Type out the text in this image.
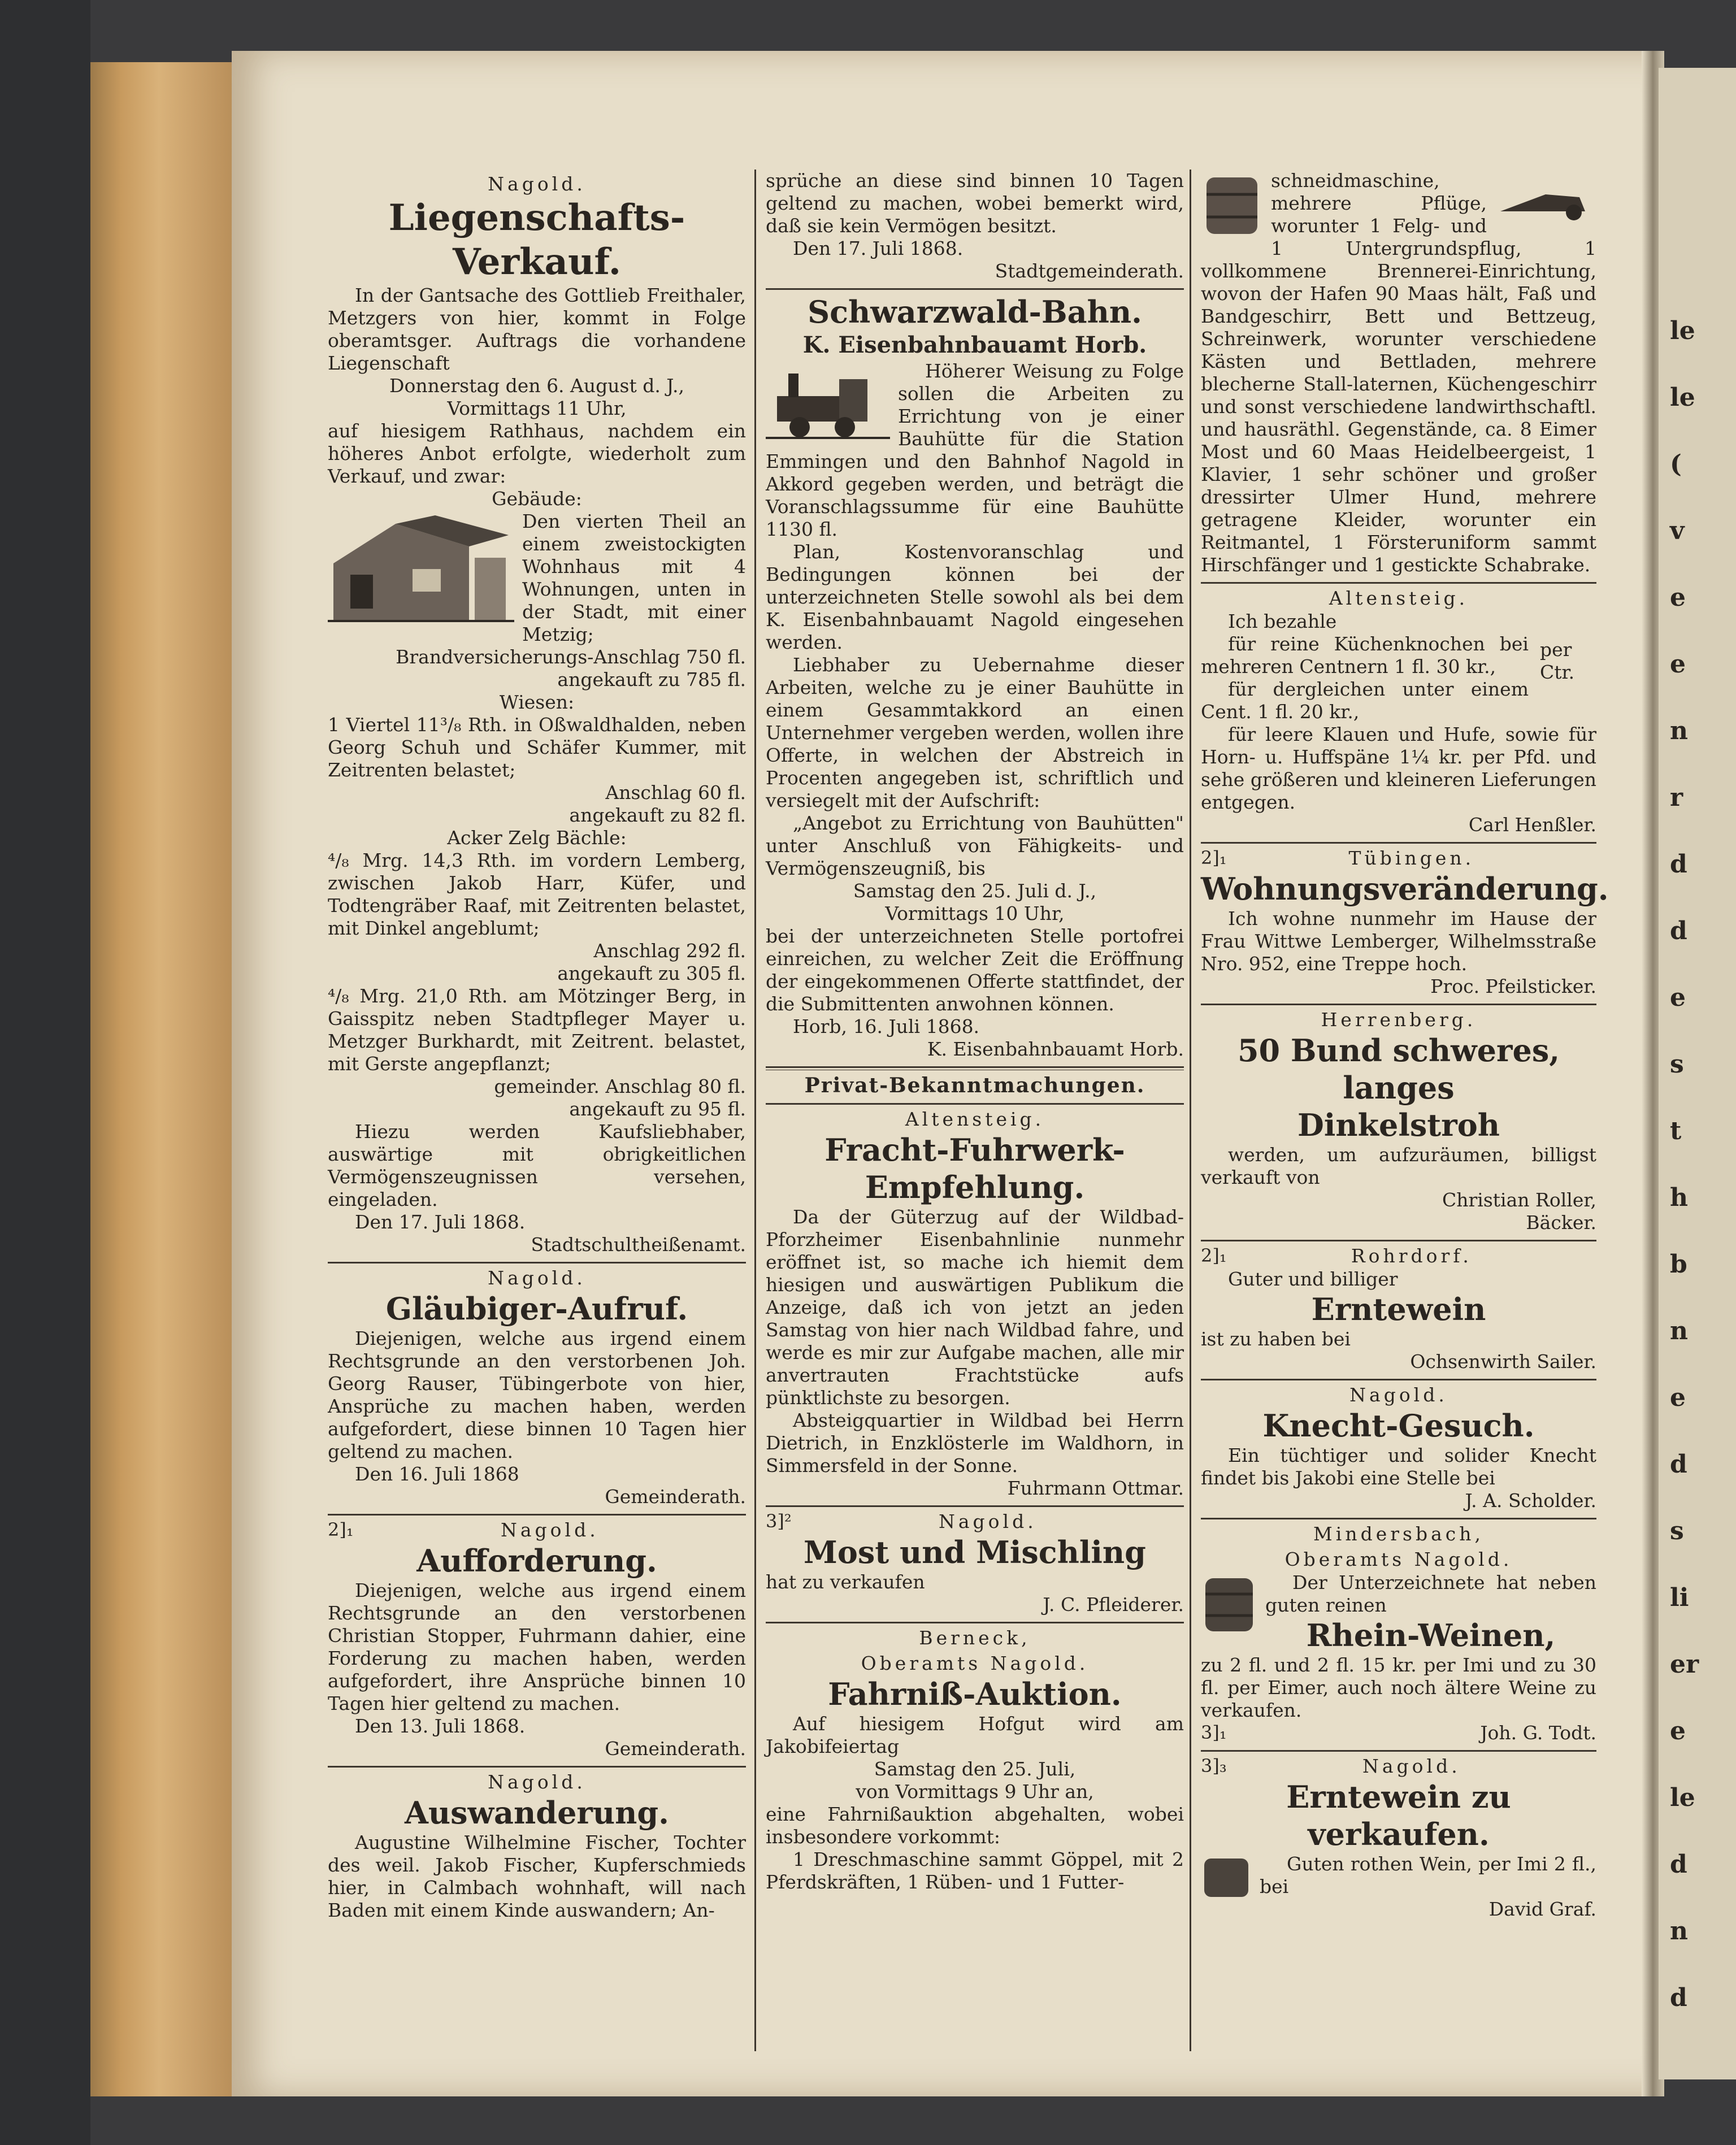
Nagold.
Liegenschafts-Verkauf.

In der Gantsache des Gottlieb Freithaler, Metzgers von hier, kommt in Folge oberamtsger. Auftrags die vorhandene Liegenschaft

Donnerstag den 6. August d. J.,

Vormittags 11 Uhr,

auf hiesigem Rathhaus, nachdem ein höheres Anbot erfolgte, wiederholt zum Verkauf, und zwar:

Gebäude:

Den vierten Theil an einem zweistockigten Wohnhaus mit 4 Wohnungen, unten in der Stadt, mit einer Metzig;

Brandversicherungs-Anschlag 750 fl.

angekauft zu 785 fl.

Wiesen:

1 Viertel 11³/₈ Rth. in Oßwaldhalden, neben Georg Schuh und Schäfer Kummer, mit Zeitrenten belastet;

Anschlag 60 fl.

angekauft zu 82 fl.

Acker Zelg Bächle:

⁴/₈ Mrg. 14,3 Rth. im vordern Lemberg, zwischen Jakob Harr, Küfer, und Todtengräber Raaf, mit Zeitrenten belastet, mit Dinkel angeblumt;

Anschlag 292 fl.

angekauft zu 305 fl.

⁴/₈ Mrg. 21,0 Rth. am Mötzinger Berg, in Gaisspitz neben Stadtpfleger Mayer u. Metzger Burkhardt, mit Zeitrent. belastet, mit Gerste angepflanzt;

gemeinder. Anschlag 80 fl.

angekauft zu 95 fl.

Hiezu werden Kaufsliebhaber, auswärtige mit obrigkeitlichen Vermögenszeugnissen versehen, eingeladen.

Den 17. Juli 1868.

Stadtschultheißenamt.

Nagold.
Gläubiger-Aufruf.

Diejenigen, welche aus irgend einem Rechtsgrunde an den verstorbenen Joh. Georg Rauser, Tübingerbote von hier, Ansprüche zu machen haben, werden aufgefordert, diese binnen 10 Tagen hier geltend zu machen.

Den 16. Juli 1868

Gemeinderath.

2]₁	Nagold.
Aufforderung.

Diejenigen, welche aus irgend einem Rechtsgrunde an den verstorbenen Christian Stopper, Fuhrmann dahier, eine Forderung zu machen haben, werden aufgefordert, ihre Ansprüche binnen 10 Tagen hier geltend zu machen.

Den 13. Juli 1868.

Gemeinderath.

Nagold.
Auswanderung.

Augustine Wilhelmine Fischer, Tochter des weil. Jakob Fischer, Kupferschmieds hier, in Calmbach wohnhaft, will nach Baden mit einem Kinde auswandern; An-

sprüche an diese sind binnen 10 Tagen geltend zu machen, wobei bemerkt wird, daß sie kein Vermögen besitzt.

Den 17. Juli 1868.

Stadtgemeinderath.

Schwarzwald-Bahn.
K. Eisenbahnbauamt Horb.

Höherer Weisung zu Folge sollen die Arbeiten zu Errichtung von je einer Bauhütte für die Station Emmingen und den Bahnhof Nagold in Akkord gegeben werden, und beträgt die Voranschlagssumme für eine Bauhütte 1130 fl.

Plan, Kostenvoranschlag und Bedingungen können bei der unterzeichneten Stelle sowohl als bei dem K. Eisenbahnbauamt Nagold eingesehen werden.

Liebhaber zu Uebernahme dieser Arbeiten, welche zu je einer Bauhütte in einem Gesammtakkord an einen Unternehmer vergeben werden, wollen ihre Offerte, in welchen der Abstreich in Procenten angegeben ist, schriftlich und versiegelt mit der Aufschrift:

„Angebot zu Errichtung von Bauhütten" unter Anschluß von Fähigkeits- und Vermögenszeugniß, bis

Samstag den 25. Juli d. J.,

Vormittags 10 Uhr,

bei der unterzeichneten Stelle portofrei einreichen, zu welcher Zeit die Eröffnung der eingekommenen Offerte stattfindet, der die Submittenten anwohnen können.

Horb, 16. Juli 1868.

K. Eisenbahnbauamt Horb.

Privat-Bekanntmachungen.
Altensteig.
Fracht-Fuhrwerk-
Empfehlung.

Da der Güterzug auf der Wildbad-Pforzheimer Eisenbahnlinie nunmehr eröffnet ist, so mache ich hiemit dem hiesigen und auswärtigen Publikum die Anzeige, daß ich von jetzt an jeden Samstag von hier nach Wildbad fahre, und werde es mir zur Aufgabe machen, alle mir anvertrauten Frachtstücke aufs pünktlichste zu besorgen.

Absteigquartier in Wildbad bei Herrn Dietrich, in Enzklösterle im Waldhorn, in Simmersfeld in der Sonne.

Fuhrmann Ottmar.

3]²	Nagold.
Most und Mischling

hat zu verkaufen

J. C. Pfleiderer.

Berneck,
Oberamts Nagold.
Fahrniß-Auktion.

Auf hiesigem Hofgut wird am Jakobifeiertag

Samstag den 25. Juli,

von Vormittags 9 Uhr an,

eine Fahrnißauktion abgehalten, wobei insbesondere vorkommt:

1 Dreschmaschine sammt Göppel, mit 2 Pferdskräften, 1 Rüben- und 1 Futter-

schneidmaschine, mehrere Pflüge, worunter 1 Felg- und 1 Untergrundspflug, 1 vollkommene Brennerei-Einrichtung, wovon der Hafen 90 Maas hält, Faß und Bandgeschirr, Bett und Bettzeug, Schreinwerk, worunter verschiedene Kästen und Bettladen, mehrere blecherne Stall-laternen, Küchengeschirr und sonst verschiedene landwirthschaftl. und hausräthl. Gegenstände, ca. 8 Eimer Most und 60 Maas Heidelbeergeist, 1 Klavier, 1 sehr schöner und großer dressirter Ulmer Hund, mehrere getragene Kleider, worunter ein Reitmantel, 1 Försteruniform sammt Hirschfänger und 1 gestickte Schabrake.

Altensteig.

Ich bezahle

für reine Küchenknochen bei mehreren Centnern 1 fl. 30 kr.,

für dergleichen unter einem Cent. 1 fl. 20 kr.,

per Ctr.

für leere Klauen und Hufe, sowie für Horn- u. Huffspäne 1¼ kr. per Pfd. und sehe größeren und kleineren Lieferungen entgegen.

Carl Henßler.

2]₁	Tübingen.
Wohnungsveränderung.

Ich wohne nunmehr im Hause der Frau Wittwe Lemberger, Wilhelmsstraße Nro. 952, eine Treppe hoch.

Proc. Pfeilsticker.

Herrenberg.
50 Bund schweres, langes
Dinkelstroh

werden, um aufzuräumen, billigst verkauft von

Christian Roller,

Bäcker.

2]₁	Rohrdorf.

Guter und billiger

Erntewein

ist zu haben bei

Ochsenwirth Sailer.

Nagold.
Knecht-Gesuch.

Ein tüchtiger und solider Knecht findet bis Jakobi eine Stelle bei

J. A. Scholder.

Mindersbach,
Oberamts Nagold.

Der Unterzeichnete hat neben guten reinen

Rhein-Weinen,

zu 2 fl. und 2 fl. 15 kr. per Imi und zu 30 fl. per Eimer, auch noch ältere Weine zu verkaufen.

3]₁	Joh. G. Todt.

3]₃	Nagold.
Erntewein zu verkaufen.

Guten rothen Wein, per Imi 2 fl., bei

David Graf.

le
le
(
v
e
e
n
r
d
d
e
s
t
h
b
n
e
d
s
li
er
e
le
d
n
d
